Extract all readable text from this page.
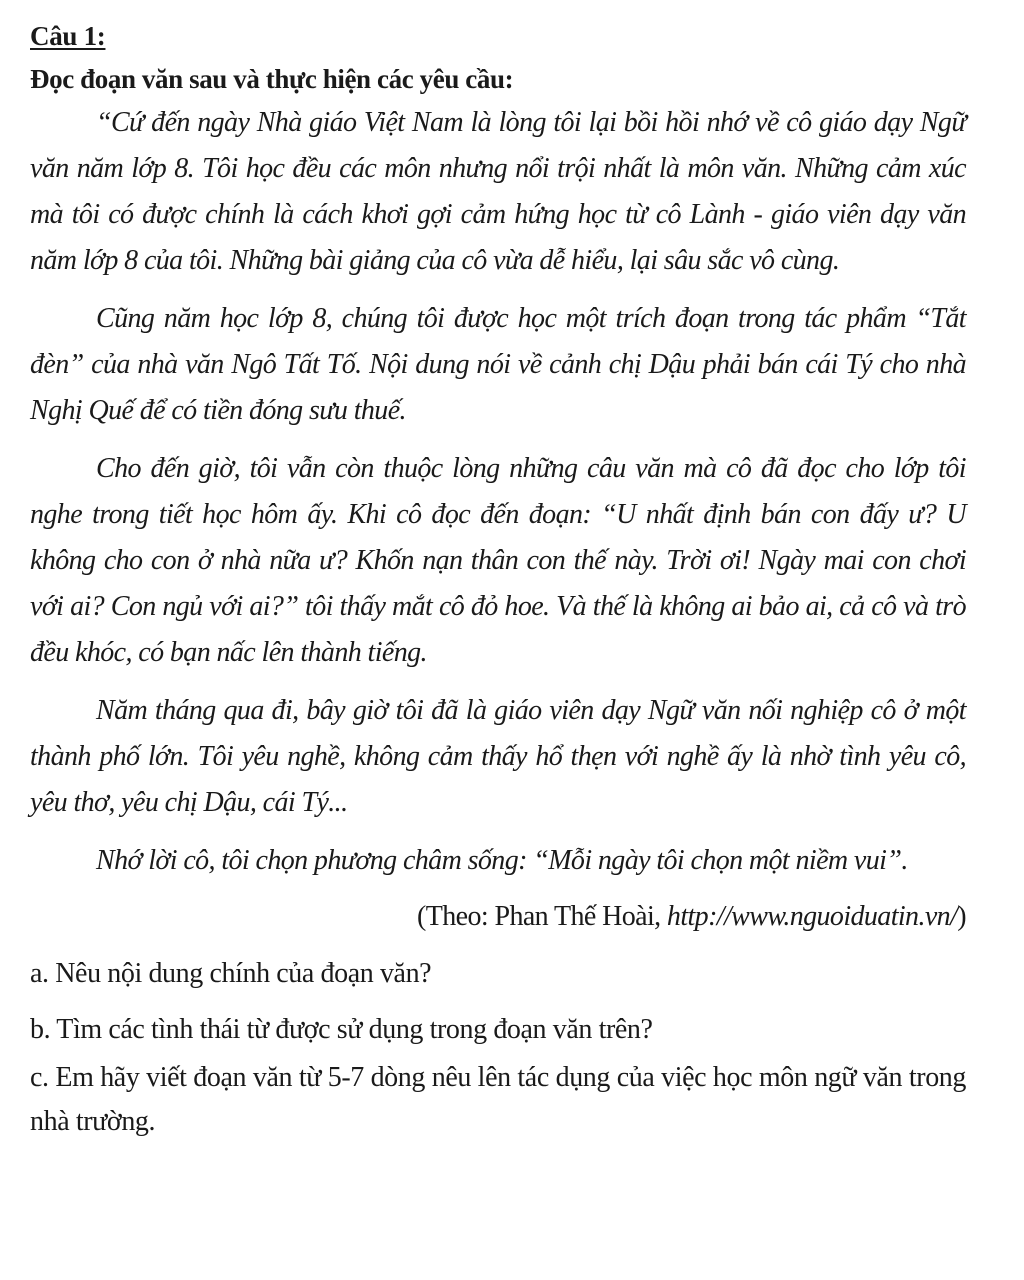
Câu 1:

Đọc đoạn văn sau và thực hiện các yêu cầu:

“Cứ đến ngày Nhà giáo Việt Nam là lòng tôi lại bồi hồi nhớ về cô giáo dạy Ngữ văn năm lớp 8. Tôi học đều các môn nhưng nổi trội nhất là môn văn. Những cảm xúc mà tôi có được chính là cách khơi gợi cảm hứng học từ cô Lành - giáo viên dạy văn năm lớp 8 của tôi. Những bài giảng của cô vừa dễ hiểu, lại sâu sắc vô cùng.

Cũng năm học lớp 8, chúng tôi được học một trích đoạn trong tác phẩm “Tắt đèn” của nhà văn Ngô Tất Tố. Nội dung nói về cảnh chị Dậu phải bán cái Tý cho nhà Nghị Quế để có tiền đóng sưu thuế.

Cho đến giờ, tôi vẫn còn thuộc lòng những câu văn mà cô đã đọc cho lớp tôi nghe trong tiết học hôm ấy. Khi cô đọc đến đoạn: “U nhất định bán con đấy ư? U không cho con ở nhà nữa ư? Khốn nạn thân con thế này. Trời ơi! Ngày mai con chơi với ai? Con ngủ với ai?” tôi thấy mắt cô đỏ hoe. Và thế là không ai bảo ai, cả cô và trò đều khóc, có bạn nấc lên thành tiếng.

Năm tháng qua đi, bây giờ tôi đã là giáo viên dạy Ngữ văn nối nghiệp cô ở một thành phố lớn. Tôi yêu nghề, không cảm thấy hổ thẹn với nghề ấy là nhờ tình yêu cô, yêu thơ, yêu chị Dậu, cái Tý...

Nhớ lời cô, tôi chọn phương châm sống: “Mỗi ngày tôi chọn một niềm vui”.

(Theo: Phan Thế Hoài, http://www.nguoiduatin.vn/)

a. Nêu nội dung chính của đoạn văn?

b. Tìm các tình thái từ được sử dụng trong đoạn văn trên?

c. Em hãy viết đoạn văn từ 5-7 dòng nêu lên tác dụng của việc học môn ngữ văn trong nhà trường.
